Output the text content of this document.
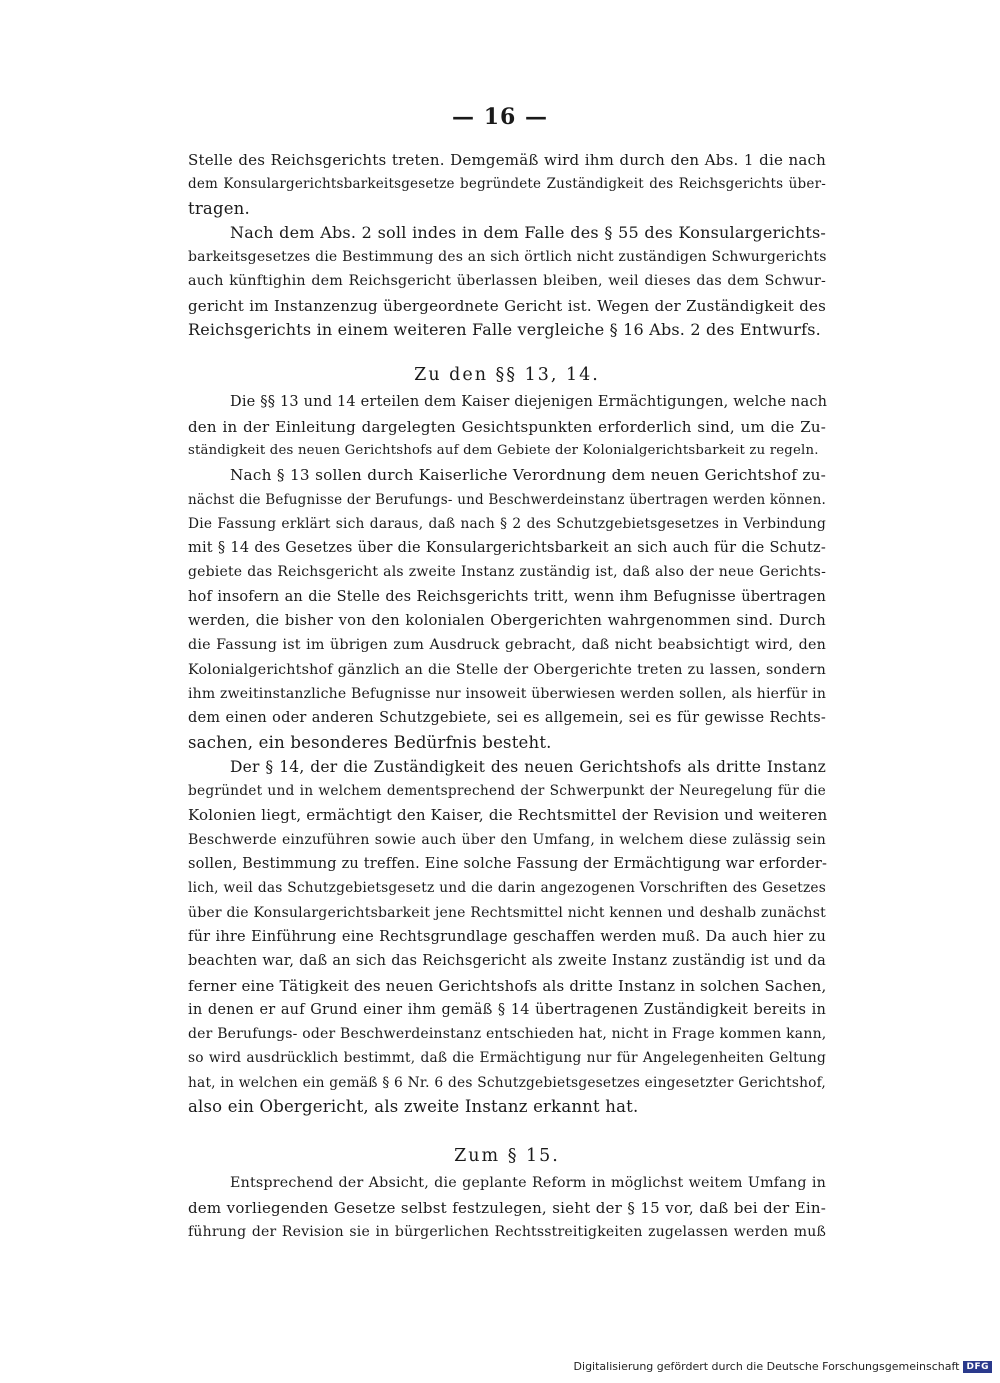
— 16 —
Stelle des Reichsgerichts treten. Demgemäß wird ihm durch den Abs. 1 die nach
dem Konsulargerichtsbarkeitsgesetze begründete Zuständigkeit des Reichsgerichts über-
tragen.
Nach dem Abs. 2 soll indes in dem Falle des § 55 des Konsulargerichts-
barkeitsgesetzes die Bestimmung des an sich örtlich nicht zuständigen Schwurgerichts
auch künftighin dem Reichsgericht überlassen bleiben, weil dieses das dem Schwur-
gericht im Instanzenzug übergeordnete Gericht ist. Wegen der Zuständigkeit des
Reichsgerichts in einem weiteren Falle vergleiche § 16 Abs. 2 des Entwurfs.
Zu den §§ 13, 14.
Die §§ 13 und 14 erteilen dem Kaiser diejenigen Ermächtigungen, welche nach
den in der Einleitung dargelegten Gesichtspunkten erforderlich sind, um die Zu-
ständigkeit des neuen Gerichtshofs auf dem Gebiete der Kolonialgerichtsbarkeit zu regeln.
Nach § 13 sollen durch Kaiserliche Verordnung dem neuen Gerichtshof zu-
nächst die Befugnisse der Berufungs- und Beschwerdeinstanz übertragen werden können.
Die Fassung erklärt sich daraus, daß nach § 2 des Schutzgebietsgesetzes in Verbindung
mit § 14 des Gesetzes über die Konsulargerichtsbarkeit an sich auch für die Schutz-
gebiete das Reichsgericht als zweite Instanz zuständig ist, daß also der neue Gerichts-
hof insofern an die Stelle des Reichsgerichts tritt, wenn ihm Befugnisse übertragen
werden, die bisher von den kolonialen Obergerichten wahrgenommen sind. Durch
die Fassung ist im übrigen zum Ausdruck gebracht, daß nicht beabsichtigt wird, den
Kolonialgerichtshof gänzlich an die Stelle der Obergerichte treten zu lassen, sondern
ihm zweitinstanzliche Befugnisse nur insoweit überwiesen werden sollen, als hierfür in
dem einen oder anderen Schutzgebiete, sei es allgemein, sei es für gewisse Rechts-
sachen, ein besonderes Bedürfnis besteht.
Der § 14, der die Zuständigkeit des neuen Gerichtshofs als dritte Instanz
begründet und in welchem dementsprechend der Schwerpunkt der Neuregelung für die
Kolonien liegt, ermächtigt den Kaiser, die Rechtsmittel der Revision und weiteren
Beschwerde einzuführen sowie auch über den Umfang, in welchem diese zulässig sein
sollen, Bestimmung zu treffen. Eine solche Fassung der Ermächtigung war erforder-
lich, weil das Schutzgebietsgesetz und die darin angezogenen Vorschriften des Gesetzes
über die Konsulargerichtsbarkeit jene Rechtsmittel nicht kennen und deshalb zunächst
für ihre Einführung eine Rechtsgrundlage geschaffen werden muß. Da auch hier zu
beachten war, daß an sich das Reichsgericht als zweite Instanz zuständig ist und da
ferner eine Tätigkeit des neuen Gerichtshofs als dritte Instanz in solchen Sachen,
in denen er auf Grund einer ihm gemäß § 14 übertragenen Zuständigkeit bereits in
der Berufungs- oder Beschwerdeinstanz entschieden hat, nicht in Frage kommen kann,
so wird ausdrücklich bestimmt, daß die Ermächtigung nur für Angelegenheiten Geltung
hat, in welchen ein gemäß § 6 Nr. 6 des Schutzgebietsgesetzes eingesetzter Gerichtshof,
also ein Obergericht, als zweite Instanz erkannt hat.
Zum § 15.
Entsprechend der Absicht, die geplante Reform in möglichst weitem Umfang in
dem vorliegenden Gesetze selbst festzulegen, sieht der § 15 vor, daß bei der Ein-
führung der Revision sie in bürgerlichen Rechtsstreitigkeiten zugelassen werden muß
Digitalisierung gefördert durch die Deutsche Forschungsgemeinschaft DFG
